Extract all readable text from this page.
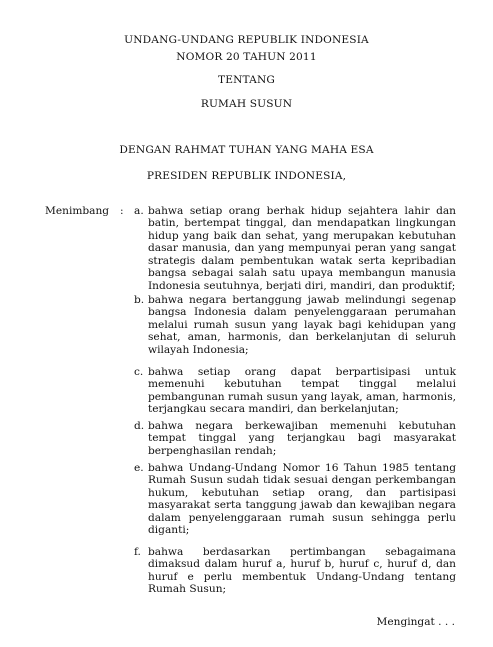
UNDANG-UNDANG REPUBLIK INDONESIA
NOMOR 20 TAHUN 2011
TENTANG
RUMAH SUSUN
DENGAN RAHMAT TUHAN YANG MAHA ESA
PRESIDEN REPUBLIK INDONESIA,
Menimbang : a. bahwa setiap orang berhak hidup sejahtera lahir dan batin, bertempat tinggal, dan mendapatkan lingkungan hidup yang baik dan sehat, yang merupakan kebutuhan dasar manusia, dan yang mempunyai peran yang sangat strategis dalam pembentukan watak serta kepribadian bangsa sebagai salah satu upaya membangun manusia Indonesia seutuhnya, berjati diri, mandiri, dan produktif;
b. bahwa negara bertanggung jawab melindungi segenap bangsa Indonesia dalam penyelenggaraan perumahan melalui rumah susun yang layak bagi kehidupan yang sehat, aman, harmonis, dan berkelanjutan di seluruh wilayah Indonesia;
c. bahwa setiap orang dapat berpartisipasi untuk memenuhi kebutuhan tempat tinggal melalui pembangunan rumah susun yang layak, aman, harmonis, terjangkau secara mandiri, dan berkelanjutan;
d. bahwa negara berkewajiban memenuhi kebutuhan tempat tinggal yang terjangkau bagi masyarakat berpenghasilan rendah;
e. bahwa Undang-Undang Nomor 16 Tahun 1985 tentang Rumah Susun sudah tidak sesuai dengan perkembangan hukum, kebutuhan setiap orang, dan partisipasi masyarakat serta tanggung jawab dan kewajiban negara dalam penyelenggaraan rumah susun sehingga perlu diganti;
f. bahwa berdasarkan pertimbangan sebagaimana dimaksud dalam huruf a, huruf b, huruf c, huruf d, dan huruf e perlu membentuk Undang-Undang tentang Rumah Susun;
Mengingat . . .
